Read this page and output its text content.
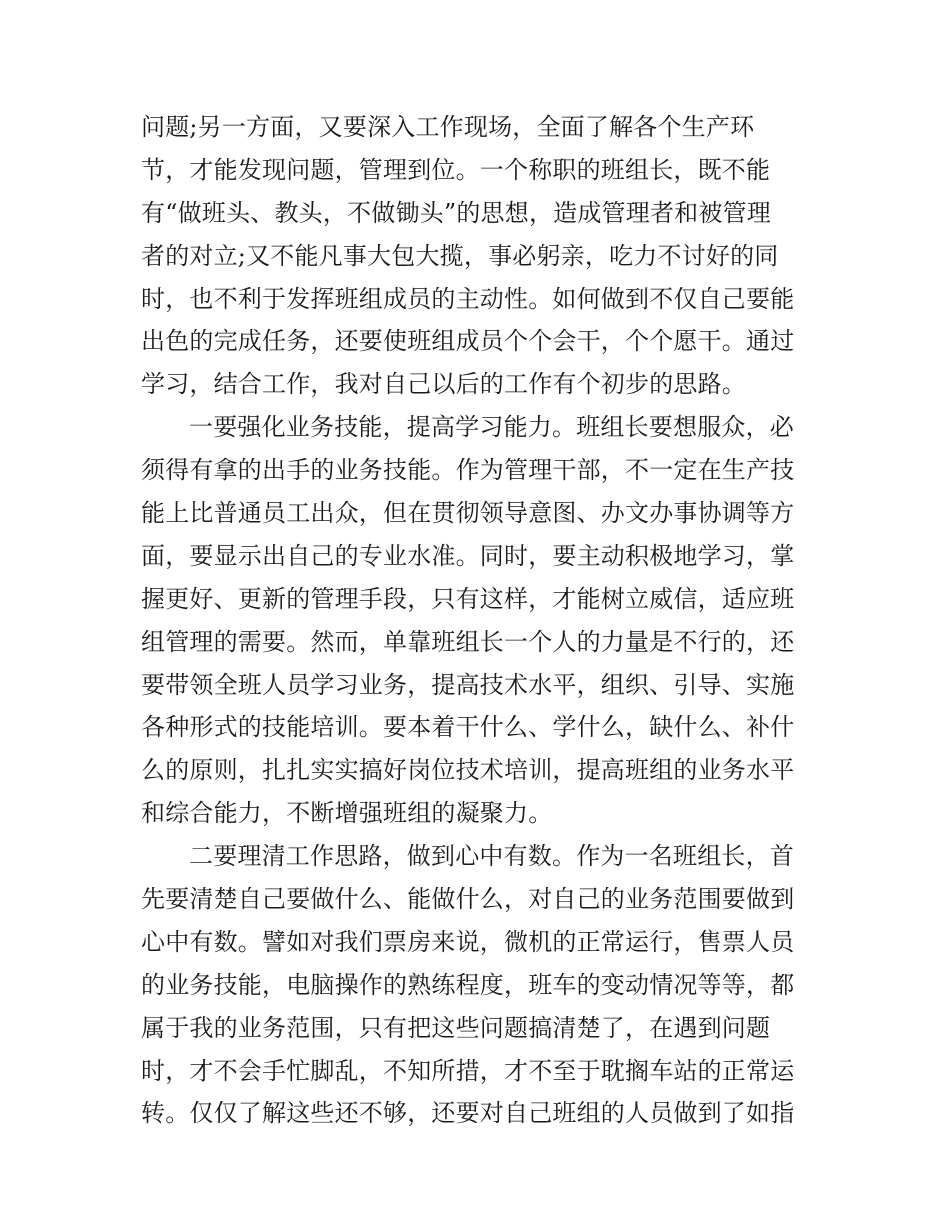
问题;另一方面，又要深入工作现场，全面了解各个生产环
节，才能发现问题，管理到位。一个称职的班组长，既不能
有“做班头、教头，不做锄头”的思想，造成管理者和被管理
者的对立;又不能凡事大包大揽，事必躬亲，吃力不讨好的同
时，也不利于发挥班组成员的主动性。如何做到不仅自己要能
出色的完成任务，还要使班组成员个个会干，个个愿干。通过
学习，结合工作，我对自己以后的工作有个初步的思路。
一要强化业务技能，提高学习能力。班组长要想服众，必
须得有拿的出手的业务技能。作为管理干部，不一定在生产技
能上比普通员工出众，但在贯彻领导意图、办文办事协调等方
面，要显示出自己的专业水准。同时，要主动积极地学习，掌
握更好、更新的管理手段，只有这样，才能树立威信，适应班
组管理的需要。然而，单靠班组长一个人的力量是不行的，还
要带领全班人员学习业务，提高技术水平，组织、引导、实施
各种形式的技能培训。要本着干什么、学什么，缺什么、补什
么的原则，扎扎实实搞好岗位技术培训，提高班组的业务水平
和综合能力，不断增强班组的凝聚力。
二要理清工作思路，做到心中有数。作为一名班组长，首
先要清楚自己要做什么、能做什么，对自己的业务范围要做到
心中有数。譬如对我们票房来说，微机的正常运行，售票人员
的业务技能，电脑操作的熟练程度，班车的变动情况等等，都
属于我的业务范围，只有把这些问题搞清楚了，在遇到问题
时，才不会手忙脚乱，不知所措，才不至于耽搁车站的正常运
转。仅仅了解这些还不够，还要对自己班组的人员做到了如指
